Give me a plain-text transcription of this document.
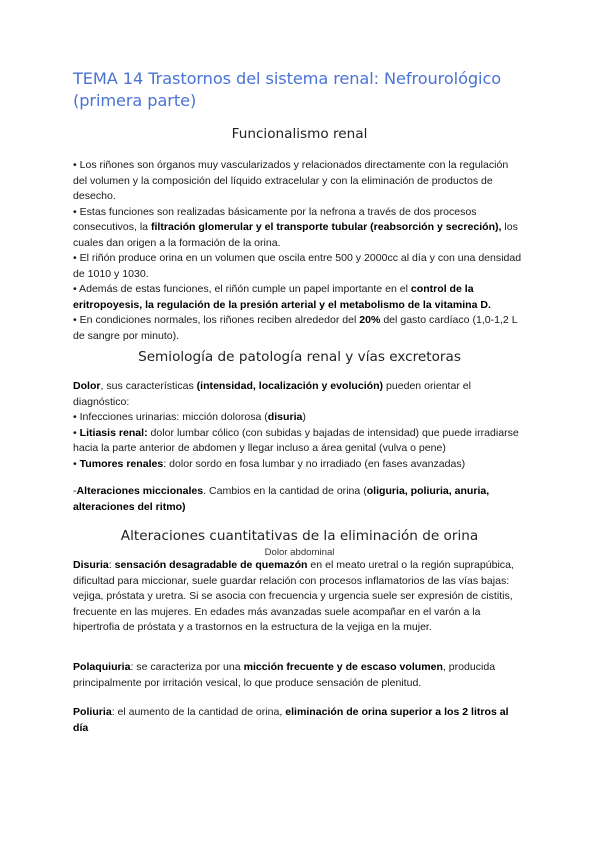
TEMA 14 Trastornos del sistema renal: Nefrourológico (primera parte)
Funcionalismo renal

• Los riñones son órganos muy vascularizados y relacionados directamente con la regulación del volumen y la composición del líquido extracelular y con la eliminación de productos de desecho.
• Estas funciones son realizadas básicamente por la nefrona a través de dos procesos consecutivos, la filtración glomerular y el transporte tubular (reabsorción y secreción), los cuales dan origen a la formación de la orina.
• El riñón produce orina en un volumen que oscila entre 500 y 2000cc al día y con una densidad de 1010 y 1030.
• Además de estas funciones, el riñón cumple un papel importante en el control de la eritropoyesis, la regulación de la presión arterial y el metabolismo de la vitamina D.
• En condiciones normales, los riñones reciben alrededor del 20% del gasto cardíaco (1,0-1,2 L de sangre por minuto).

Semiología de patología renal y vías excretoras

Dolor, sus características (intensidad, localización y evolución) pueden orientar el diagnóstico:
• Infecciones urinarias: micción dolorosa (disuria)
• Litiasis renal: dolor lumbar cólico (con subidas y bajadas de intensidad) que puede irradiarse hacia la parte anterior de abdomen y llegar incluso a área genital (vulva o pene)
• Tumores renales: dolor sordo en fosa lumbar y no irradiado (en fases avanzadas)

-Alteraciones miccionales. Cambios en la cantidad de orina (oliguria, poliuria, anuria, alteraciones del ritmo)

Alteraciones cuantitativas de la eliminación de orina
Dolor abdominal

Disuria: sensación desagradable de quemazón en el meato uretral o la región suprapúbica, dificultad para miccionar, suele guardar relación con procesos inflamatorios de las vías bajas: vejiga, próstata y uretra. Si se asocia con frecuencia y urgencia suele ser expresión de cistitis, frecuente en las mujeres. En edades más avanzadas suele acompañar en el varón a la hipertrofia de próstata y a trastornos en la estructura de la vejiga en la mujer.

Polaquiuria: se caracteriza por una micción frecuente y de escaso volumen, producida principalmente por irritación vesical, lo que produce sensación de plenitud.

Poliuria: el aumento de la cantidad de orina, eliminación de orina superior a los 2 litros al día
